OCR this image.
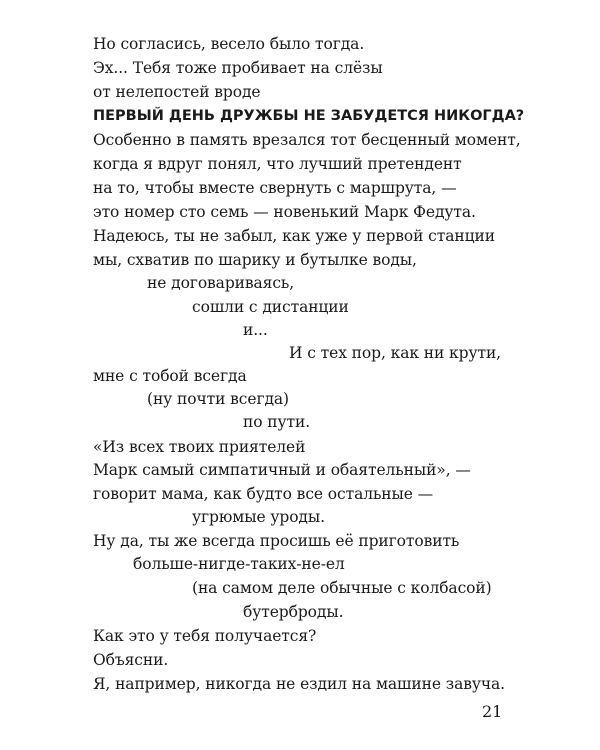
Но согласись, весело было тогда.
Эх... Тебя тоже пробивает на слёзы
от нелепостей вроде
ПЕРВЫЙ ДЕНЬ ДРУЖБЫ НЕ ЗАБУДЕТСЯ НИКОГДА?
Особенно в память врезался тот бесценный момент,
когда я вдруг понял, что лучший претендент
на то, чтобы вместе свернуть с маршрута, —
это номер сто семь — новенький Марк Федута.
Надеюсь, ты не забыл, как уже у первой станции
мы, схватив по шарику и бутылке воды,
не договариваясь,
сошли с дистанции
и...
И с тех пор, как ни крути,
мне с тобой всегда
(ну почти всегда)
по пути.
«Из всех твоих приятелей
Марк самый симпатичный и обаятельный», —
говорит мама, как будто все остальные —
угрюмые уроды.
Ну да, ты же всегда просишь её приготовить
больше-нигде-таких-не-ел
(на самом деле обычные с колбасой)
бутерброды.
Как это у тебя получается?
Объясни.
Я, например, никогда не ездил на машине завуча.
21
